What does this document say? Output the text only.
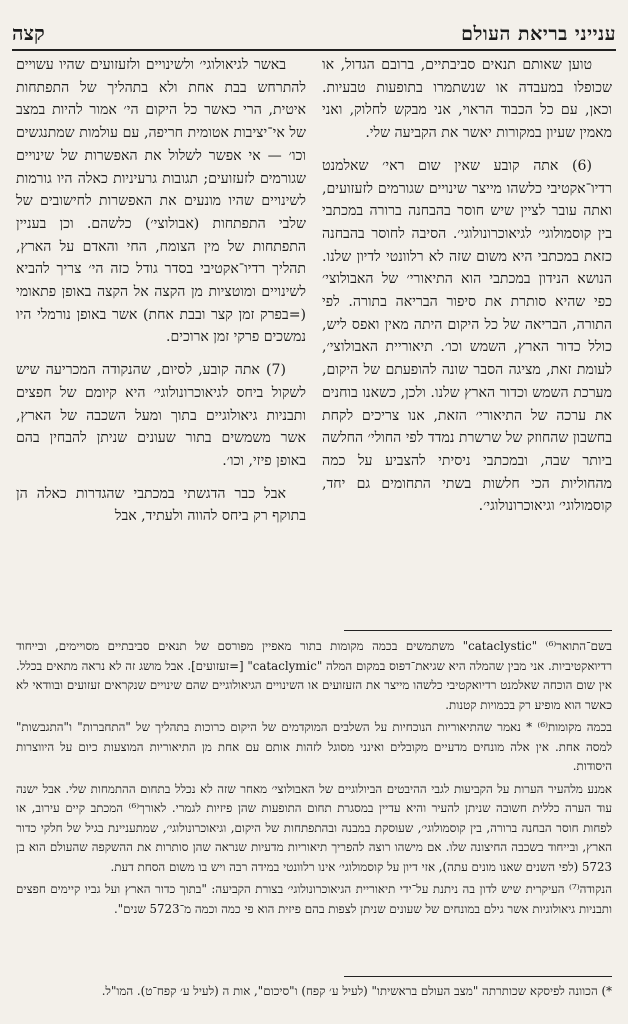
ענייני בריאת העולם
קצה

טוען שאותם תנאים סביבתיים, ברובם הגדול, או שכופלו במעבדה או שנשתמרו בתופעות טבעיות. וכאן, עם כל הכבוד הראוי, אני מבקש לחלוק, ואני מאמין שעיון במקורות יאשר את הקביעה שלי.

(6) אתה קובע שאין שום ראי׳ שאלמנט רדיו־אקטיבי כלשהו מייצר שינויים שגורמים לזעזועים, ואתה עובר לציין שיש חוסר בהבחנה ברורה במכתבי בין קוסמולוגי׳ לגיאוכרונולוגי׳. הסיבה לחוסר בהבחנה כזאת במכתבי היא משום שזה לא רלוונטי לדיון שלנו. הנושא הנידון במכתבי הוא התיאורי׳ של האבולוצי׳ כפי שהיא סותרת את סיפור הבריאה בתורה. לפי התורה, הבריאה של כל היקום היתה מאין ואפס ליש, כולל כדור הארץ, השמש וכו׳. תיאוריית האבולוצי׳, לעומת זאת, מציגה הסבר שונה להופעתם של היקום, מערכת השמש וכדור הארץ שלנו. ולכן, כשאנו בוחנים את ערכה של התיאורי׳ הזאת, אנו צריכים לקחת בחשבון שהחוזק של שרשרת נמדד לפי החולי׳ החלשה ביותר שבה, ובמכתבי ניסיתי להצביע על כמה מהחוליות הכי חלשות בשתי התחומים גם יחד, קוסמולוגי׳ וגיאוכרונולוגי׳.

באשר לגיאולוגי׳ ולשינויים ולזעזועים שהיו עשויים להתרחש בבת אחת ולא בתהליך של התפתחות איטית, הרי כאשר כל היקום הי׳ אמור להיות במצב של אי־יציבות אטומית חריפה, עם עולמות שמתנגשים וכו׳ — אי אפשר לשלול את האפשרות של שינויים שגורמים לזעזועים; תגובות גרעיניות כאלה היו גורמות לשינויים שהיו מונעים את האפשרות לחישובים של שלבי התפתחות (אבולוצי׳) כלשהם. וכן בעניין התפתחות של מין הצומח, החי והאדם על הארץ, תהליך רדיו־אקטיבי בסדר גודל כזה הי׳ צריך להביא לשינויים ומוטציות מן הקצה אל הקצה באופן פתאומי (=בפרק זמן קצר ובבת אחת) אשר באופן נורמלי היו נמשכים פרקי זמן ארוכים.

(7) אתה קובע, לסיום, שהנקודה המכריעה שיש לשקול ביחס לגיאוכרונולוגי׳ היא קיומם של חפצים ותבניות גיאולוגיים בתוך ומעל השכבה של הארץ, אשר משמשים בתור שעונים שניתן להבחין בהם באופן פיזי, וכו׳.

אבל כבר הדגשתי במכתבי שהגדרות כאלה הן בתוקף רק ביחס להווה ולעתיד, אבל

בשם־התואר⁽⁶⁾ "cataclystic" משתמשים בכמה מקומות בתור מאפיין מפורסם של תנאים סביבתיים מסויימים, ובייחוד רדיואקטיביות. אני מבין שהמלה היא שגיאת־דפוס במקום המלה "cataclymic" [=זעזועים]. אבל מושג זה לא נראה מתאים בכלל. אין שום הוכחה שאלמנט רדיואקטיבי כלשהו מייצר את הזעזועים או השינויים הגיאולוגיים שהם שינויים שנקראים זעזועים ובוודאי לא כאשר הוא מופיע רק בכמויות קטנות.

בכמה מקומות⁽⁶⁾ * נאמר שהתיאוריות הנוכחיות על השלבים המוקדמים של היקום כרוכות בתהליך של "התחברות" ו"התגבשות" למסה אחת. אין אלה מונחים מדעיים מקובלים ואינני מסוגל לזהות אותם עם אחת מן התיאוריות המוצעות כיום על היווצרות היסודות.

אמנע מלהעיר הערות על הקביעות לגבי ההיבטים הביולוגיים של האבולוצי׳ מאחר שזה לא נכלל בתחום ההתמחות שלי. אבל ישנה עוד הערה כללית חשובה שניתן להעיר והיא עדיין במסגרת תחום התופעות שהן פיזיות לגמרי. לאורך⁽⁶⁾ המכתב קיים עירוב, או לפחות חוסר הבחנה ברורה, בין קוסמולוגי׳, שעוסקת במבנה ובהתפתחות של היקום, וגיאוכרונולוגי׳, שמתעניינת בגיל של חלקי כדור הארץ, ובייחוד בשכבה החיצונה שלו. אם מישהו רוצה להפריך תיאוריות מדעיות שנראה שהן סותרות את ההשקפה שהעולם הוא בן 5723 (לפי השנים שאנו מונים עתה), אזי דיון על קוסמולוגי׳ אינו רלוונטי במידה רבה ויש בו משום הסחת דעת.

הנקודה⁽⁷⁾ העיקרית שיש לדון בה ניתנת על־ידי תיאוריית הגיאוכרונולוגי׳ בצורת הקביעה: "בתוך כדור הארץ ועל גביו קיימים חפצים ותבניות גיאולוגיות אשר גילם במונחים של שעונים שניתן לצפות בהם פיזית הוא פי כמה וכמה מ־5723 שנים".

*) הכוונה לפיסקא שכותרתה "מצב העולם בראשיתו" (לעיל ע׳ קפח) ו"סיכום", אות ה (לעיל ע׳ קפח־ט). המו"ל.
